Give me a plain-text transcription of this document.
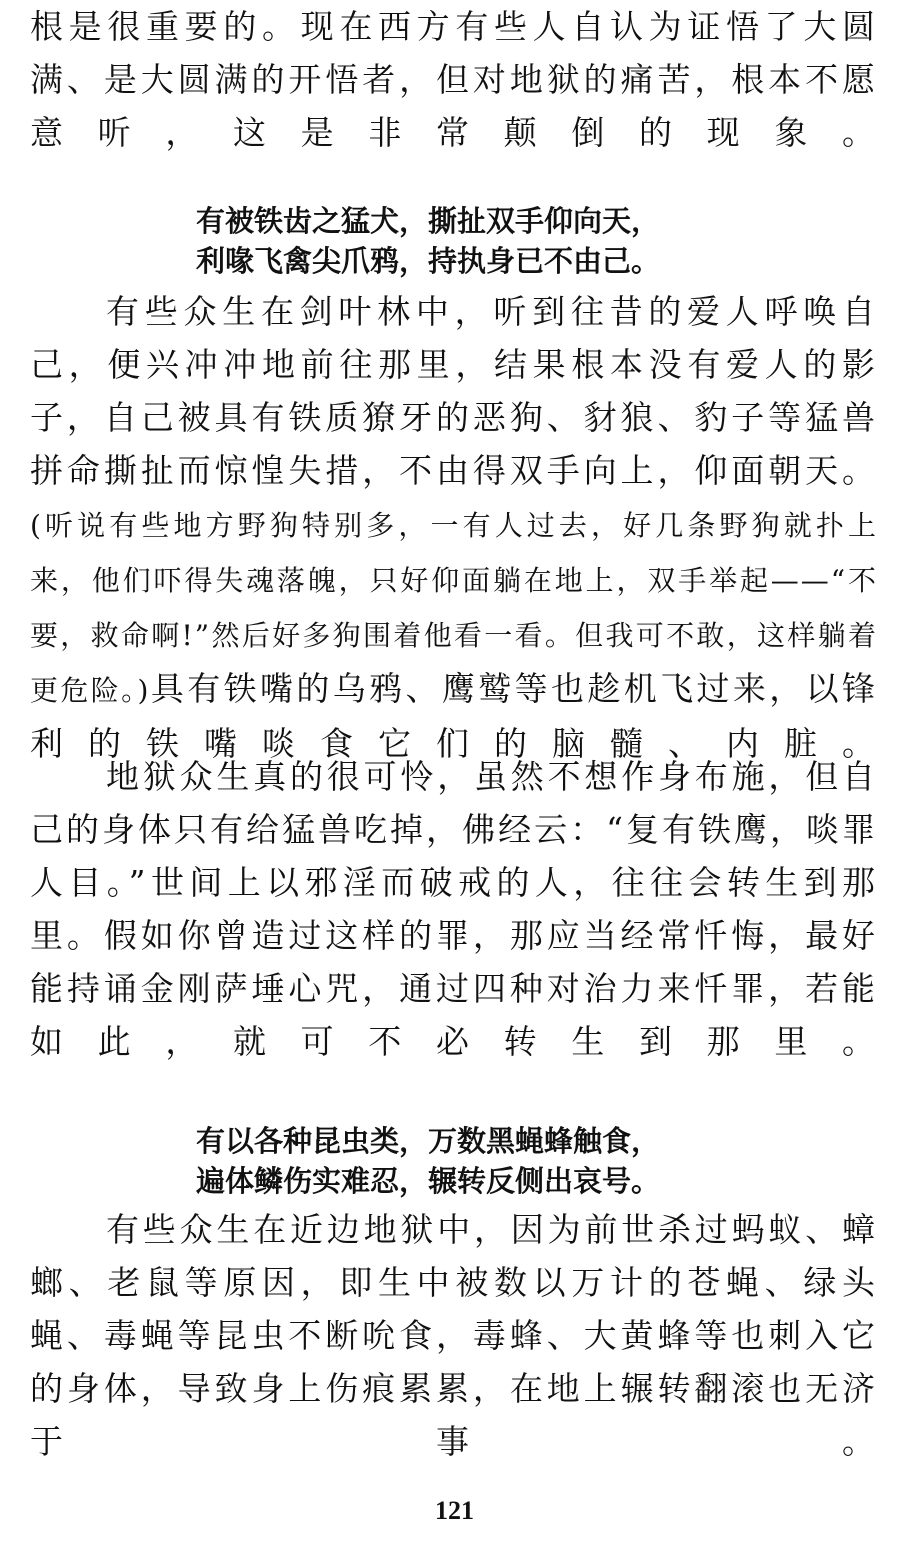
根是很重要的。现在西方有些人自认为证悟了大圆满、是大圆满的开悟者，但对地狱的痛苦，根本不愿意听，这是非常颠倒的现象。

有被铁齿之猛犬，撕扯双手仰向天，
利喙飞禽尖爪鸦，持执身已不由己。

有些众生在剑叶林中，听到往昔的爱人呼唤自己，便兴冲冲地前往那里，结果根本没有爱人的影子，自己被具有铁质獠牙的恶狗、豺狼、豹子等猛兽拼命撕扯而惊惶失措，不由得双手向上，仰面朝天。(听说有些地方野狗特别多，一有人过去，好几条野狗就扑上来，他们吓得失魂落魄，只好仰面躺在地上，双手举起——“不要，救命啊!”然后好多狗围着他看一看。但我可不敢，这样躺着更危险。)具有铁嘴的乌鸦、鹰鹫等也趁机飞过来，以锋利的铁嘴啖食它们的脑髓、内脏。

地狱众生真的很可怜，虽然不想作身布施，但自己的身体只有给猛兽吃掉，佛经云：“复有铁鹰，啖罪人目。”世间上以邪淫而破戒的人，往往会转生到那里。假如你曾造过这样的罪，那应当经常忏悔，最好能持诵金刚萨埵心咒，通过四种对治力来忏罪，若能如此，就可不必转生到那里。

有以各种昆虫类，万数黑蝇蜂触食，
遍体鳞伤实难忍，辗转反侧出哀号。

有些众生在近边地狱中，因为前世杀过蚂蚁、蟑螂、老鼠等原因，即生中被数以万计的苍蝇、绿头蝇、毒蝇等昆虫不断吮食，毒蜂、大黄蜂等也刺入它的身体，导致身上伤痕累累，在地上辗转翻滚也无济于事。

121
